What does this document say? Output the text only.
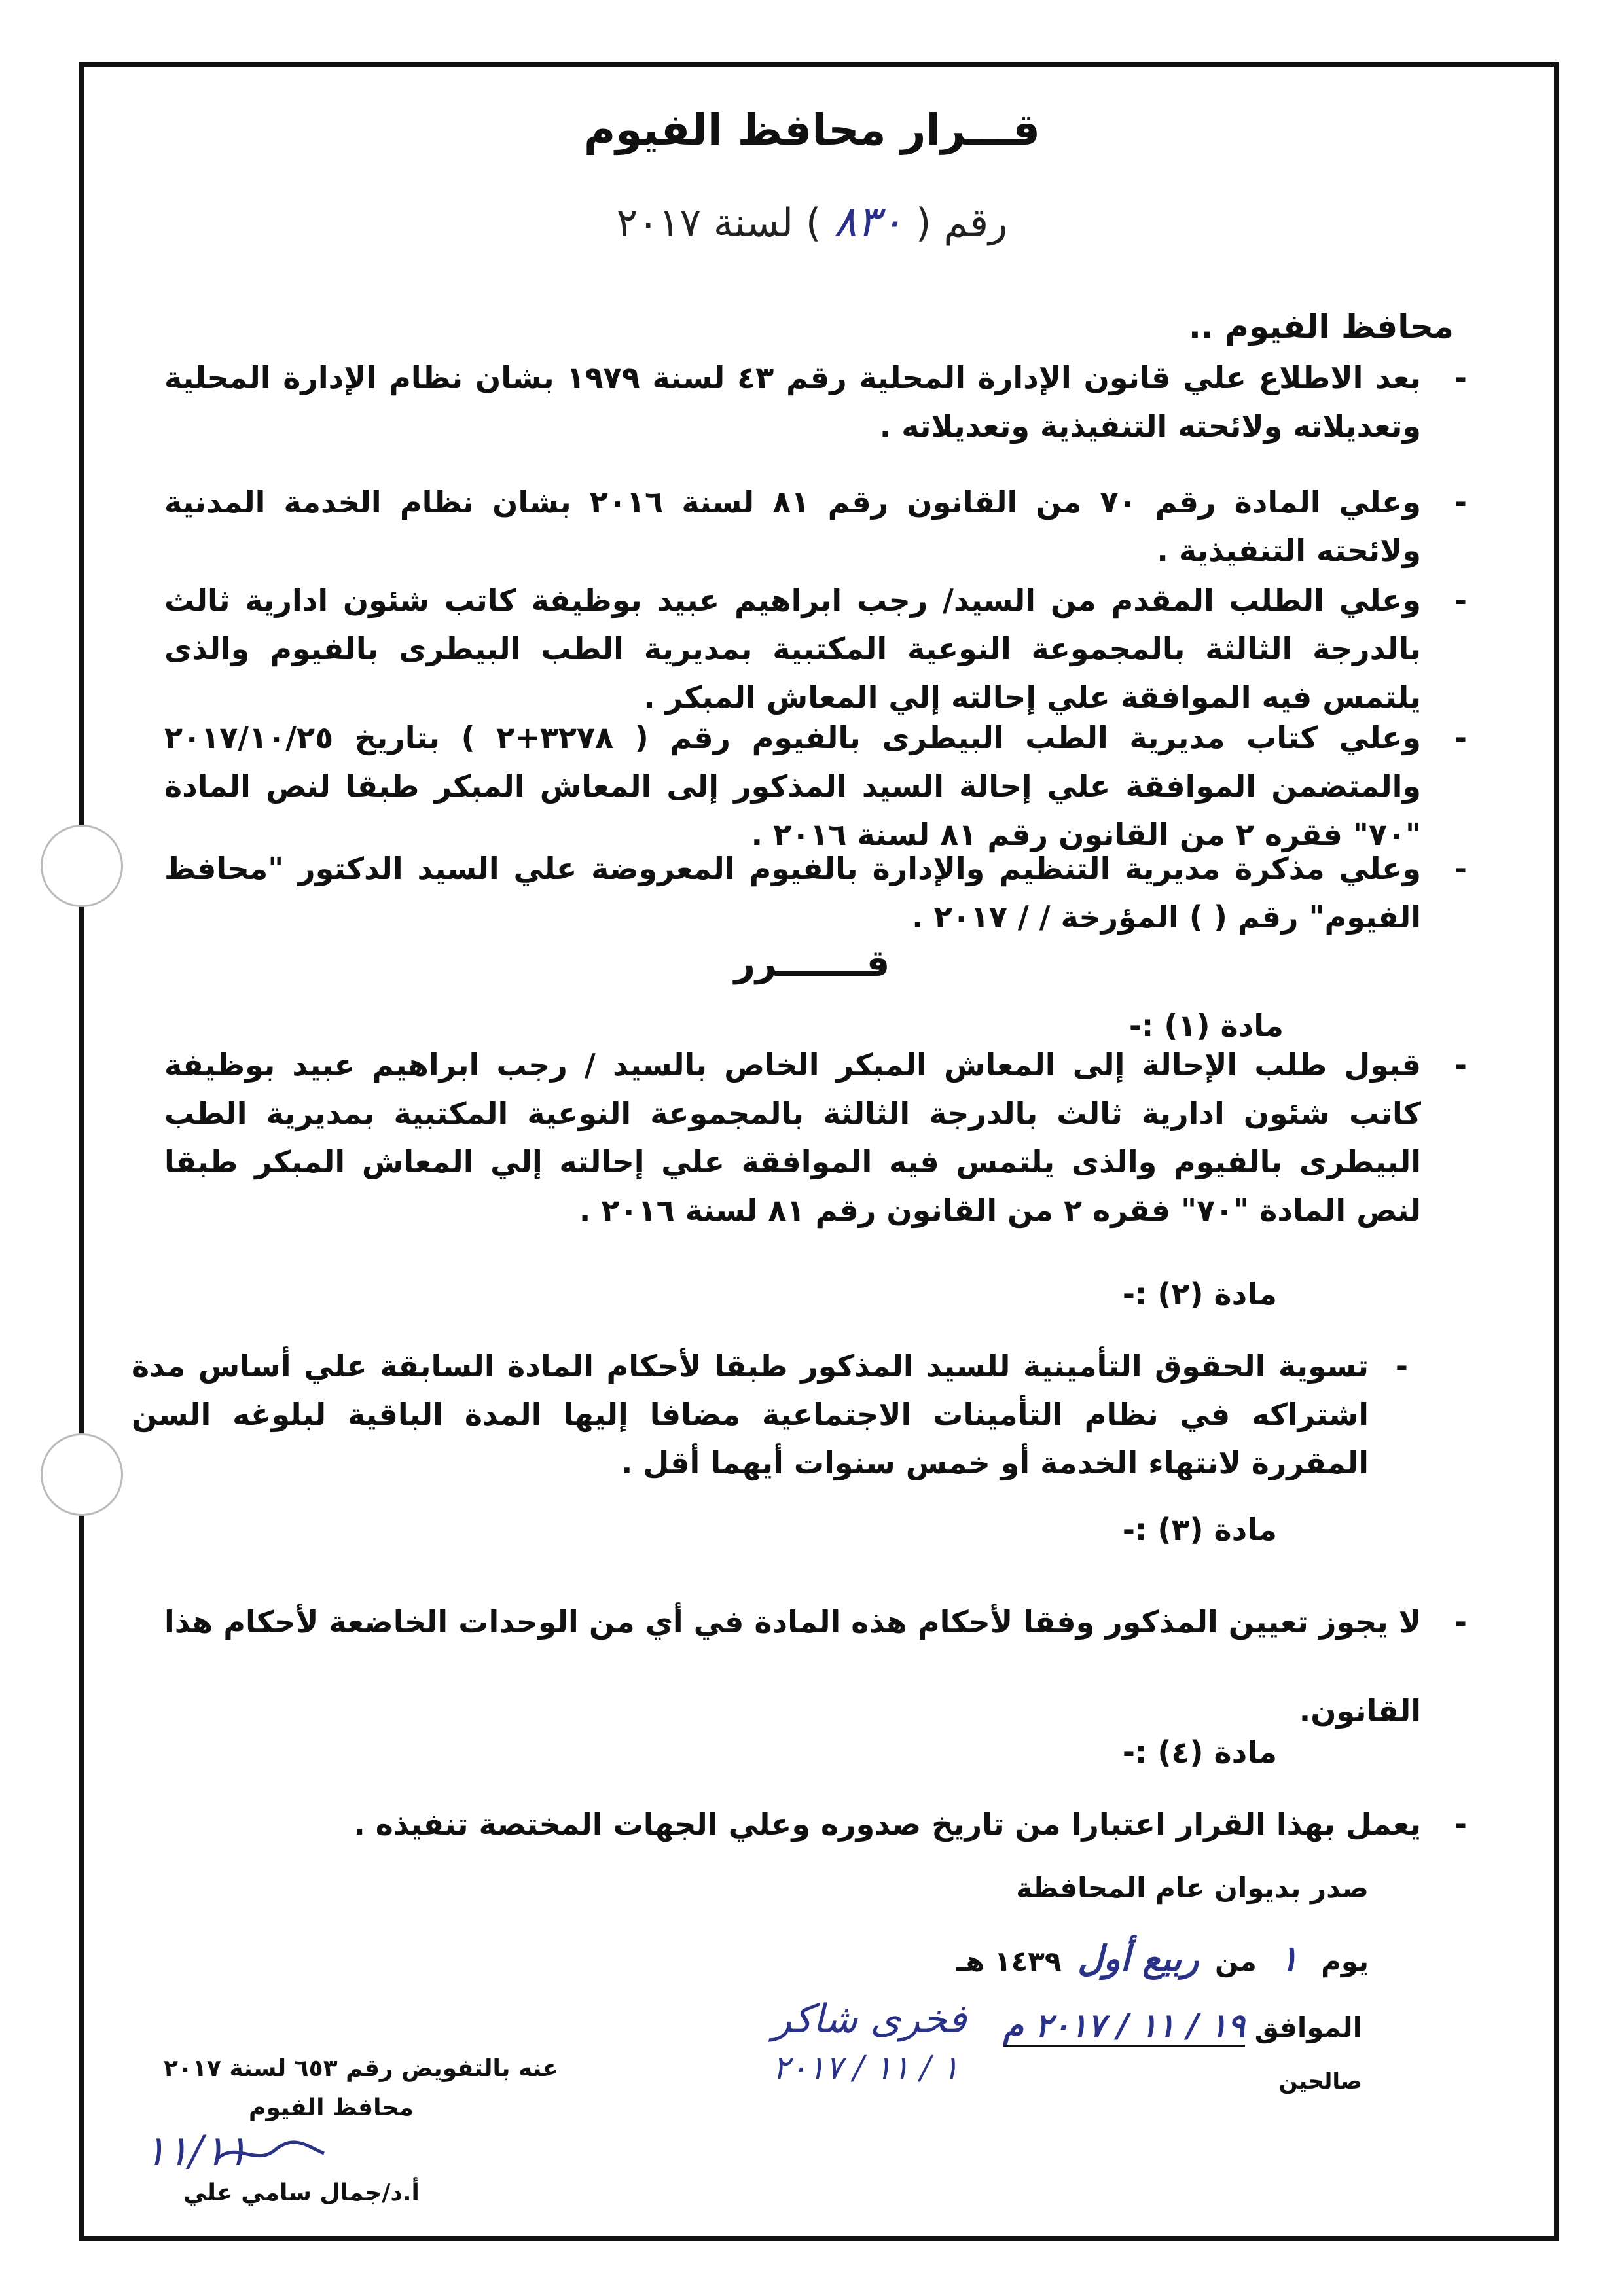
قـــرار محافظ الفيوم
رقم ( ٨٣٠ ) لسنة ٢٠١٧
محافظ الفيوم ..
-
بعد الاطلاع علي قانون الإدارة المحلية رقم ٤٣ لسنة ١٩٧٩ بشان نظام الإدارة المحلية وتعديلاته ولائحته التنفيذية وتعديلاته .
-
وعلي المادة رقم ٧٠ من القانون رقم ٨١ لسنة ٢٠١٦ بشان نظام الخدمة المدنية ولائحته التنفيذية .
-
وعلي الطلب المقدم من السيد/ رجب ابراهيم عبيد بوظيفة كاتب شئون ادارية ثالث بالدرجة الثالثة بالمجموعة النوعية المكتبية بمديرية الطب البيطرى بالفيوم والذى يلتمس فيه الموافقة علي إحالته إلي المعاش المبكر .
-
وعلي كتاب مديرية الطب البيطرى بالفيوم رقم ( ٣٢٧٨+٢ ) بتاريخ ٢٠١٧/١٠/٢٥ والمتضمن الموافقة علي إحالة السيد المذكور إلى المعاش المبكر طبقا لنص المادة "٧٠" فقره ٢ من القانون رقم ٨١ لسنة ٢٠١٦ .
-
وعلي مذكرة مديرية التنظيم والإدارة بالفيوم المعروضة علي السيد الدكتور "محافظ الفيوم" رقم ( ) المؤرخة / / ٢٠١٧ .
قـــــــرر
مادة (١) :-
-
قبول طلب الإحالة إلى المعاش المبكر الخاص بالسيد / رجب ابراهيم عبيد بوظيفة كاتب شئون ادارية ثالث بالدرجة الثالثة بالمجموعة النوعية المكتبية بمديرية الطب البيطرى بالفيوم والذى يلتمس فيه الموافقة علي إحالته إلي المعاش المبكر طبقا لنص المادة "٧٠" فقره ٢ من القانون رقم ٨١ لسنة ٢٠١٦ .
مادة (٢) :-
-
تسوية الحقوق التأمينية للسيد المذكور طبقا لأحكام المادة السابقة علي أساس مدة اشتراكه في نظام التأمينات الاجتماعية مضافا إليها المدة الباقية لبلوغه السن المقررة لانتهاء الخدمة أو خمس سنوات أيهما أقل .
مادة (٣) :-
-
لا يجوز تعيين المذكور وفقا لأحكام هذه المادة في أي من الوحدات الخاضعة لأحكام هذا القانون.
مادة (٤) :-
-
يعمل بهذا القرار اعتبارا من تاريخ صدوره وعلي الجهات المختصة تنفيذه .
صدر بديوان عام المحافظة
يوم ١ من ربيع أول ١٤٣٩ هـ
الموافق ١٩ / ١١ / ٢٠١٧ م
صالحين
فخرى شاكر
١ / ١١ / ٢٠١٧
عنه بالتفويض رقم ٦٥٣ لسنة ٢٠١٧
محافظ الفيوم
١١/١١
أ.د/جمال سامي علي
